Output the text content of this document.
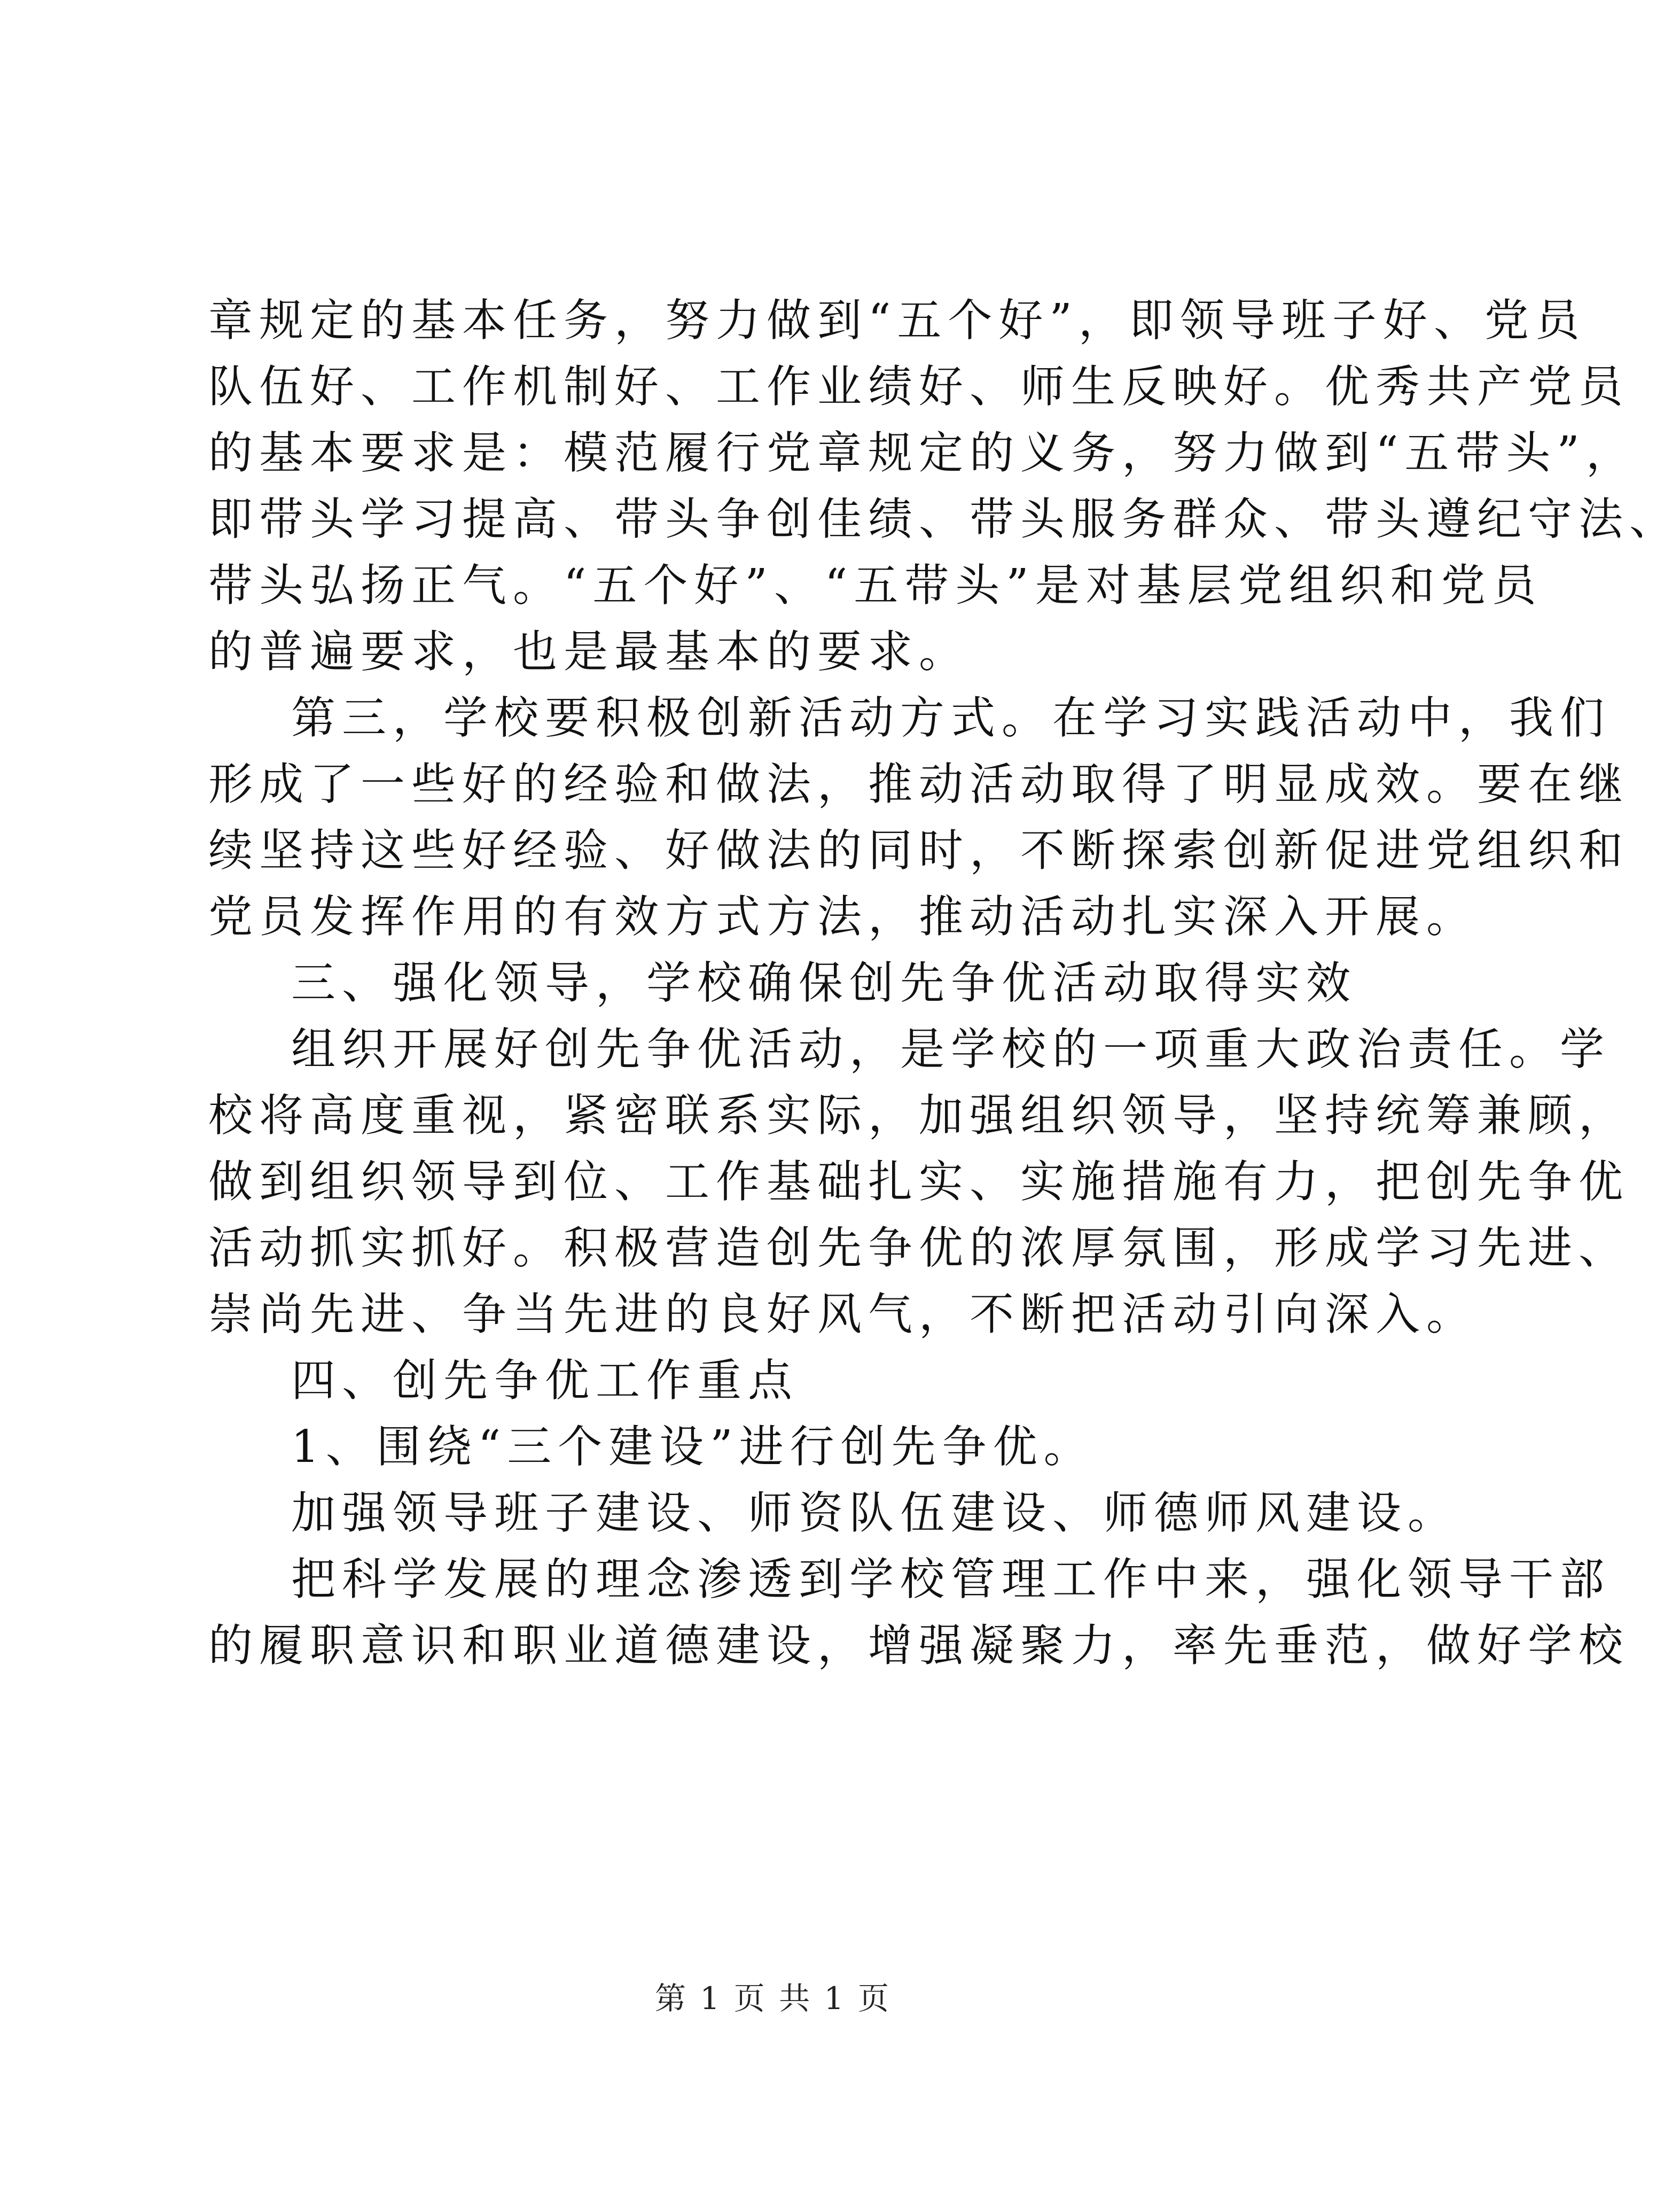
章规定的基本任务，努力做到“五个好”，即领导班子好、党员
队伍好、工作机制好、工作业绩好、师生反映好。优秀共产党员
的基本要求是：模范履行党章规定的义务，努力做到“五带头”，
即带头学习提高、带头争创佳绩、带头服务群众、带头遵纪守法、
带头弘扬正气。“五个好”、“五带头”是对基层党组织和党员
的普遍要求，也是最基本的要求。
第三，学校要积极创新活动方式。在学习实践活动中，我们
形成了一些好的经验和做法，推动活动取得了明显成效。要在继
续坚持这些好经验、好做法的同时，不断探索创新促进党组织和
党员发挥作用的有效方式方法，推动活动扎实深入开展。
三、强化领导，学校确保创先争优活动取得实效
组织开展好创先争优活动，是学校的一项重大政治责任。学
校将高度重视，紧密联系实际，加强组织领导，坚持统筹兼顾，
做到组织领导到位、工作基础扎实、实施措施有力，把创先争优
活动抓实抓好。积极营造创先争优的浓厚氛围，形成学习先进、
崇尚先进、争当先进的良好风气，不断把活动引向深入。
四、创先争优工作重点
1、围绕“三个建设”进行创先争优。
加强领导班子建设、师资队伍建设、师德师风建设。
把科学发展的理念渗透到学校管理工作中来，强化领导干部
的履职意识和职业道德建设，增强凝聚力，率先垂范，做好学校
第 1 页 共 1 页
